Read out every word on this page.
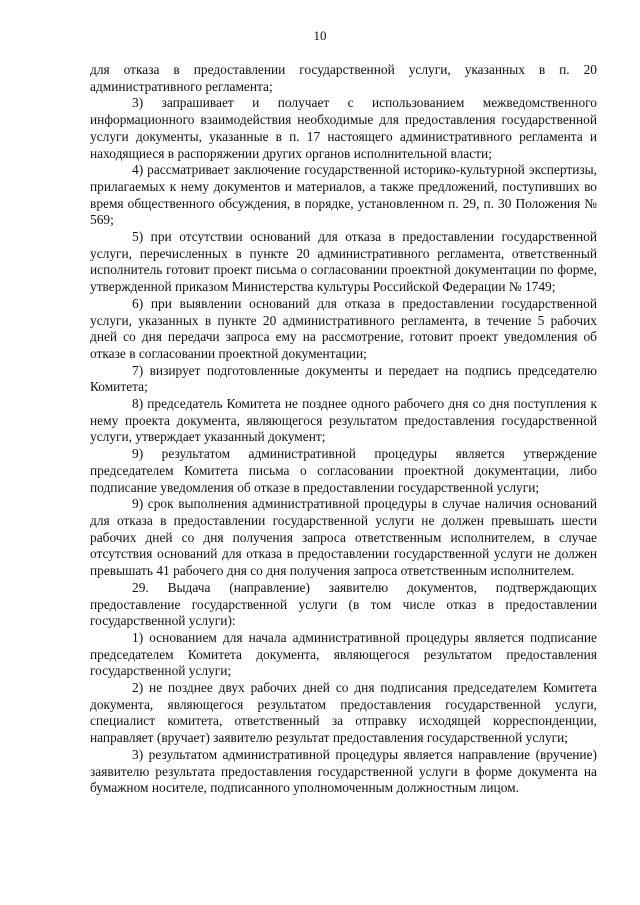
10

для отказа в предоставлении государственной услуги, указанных в п. 20 административного регламента;

3) запрашивает и получает с использованием межведомственного информационного взаимодействия необходимые для предоставления государственной услуги документы, указанные в п. 17 настоящего административного регламента и находящиеся в распоряжении других органов исполнительной власти;

4) рассматривает заключение государственной историко-культурной экспертизы, прилагаемых к нему документов и материалов, а также предложений, поступивших во время общественного обсуждения, в порядке, установленном п. 29, п. 30 Положения № 569;

5) при отсутствии оснований для отказа в предоставлении государственной услуги, перечисленных в пункте 20 административного регламента, ответственный исполнитель готовит проект письма о согласовании проектной документации по форме, утвержденной приказом Министерства культуры Российской Федерации № 1749;

6) при выявлении оснований для отказа в предоставлении государственной услуги, указанных в пункте 20 административного регламента, в течение 5 рабочих дней со дня передачи запроса ему на рассмотрение, готовит проект уведомления об отказе в согласовании проектной документации;

7) визирует подготовленные документы и передает на подпись председателю Комитета;

8) председатель Комитета не позднее одного рабочего дня со дня поступления к нему проекта документа, являющегося результатом предоставления государственной услуги, утверждает указанный документ;

9) результатом административной процедуры является утверждение председателем Комитета письма о согласовании проектной документации, либо подписание уведомления об отказе в предоставлении государственной услуги;

9) срок выполнения административной процедуры в случае наличия оснований для отказа в предоставлении государственной услуги не должен превышать шести рабочих дней со дня получения запроса ответственным исполнителем, в случае отсутствия оснований для отказа в предоставлении государственной услуги не должен превышать 41 рабочего дня со дня получения запроса ответственным исполнителем.

29. Выдача (направление) заявителю документов, подтверждающих предоставление государственной услуги (в том числе отказ в предоставлении государственной услуги):

1) основанием для начала административной процедуры является подписание председателем Комитета документа, являющегося результатом предоставления государственной услуги;

2) не позднее двух рабочих дней со дня подписания председателем Комитета документа, являющегося результатом предоставления государственной услуги, специалист комитета, ответственный за отправку исходящей корреспонденции, направляет (вручает) заявителю результат предоставления государственной услуги;

3) результатом административной процедуры является направление (вручение) заявителю результата предоставления государственной услуги в форме документа на бумажном носителе, подписанного уполномоченным должностным лицом.
